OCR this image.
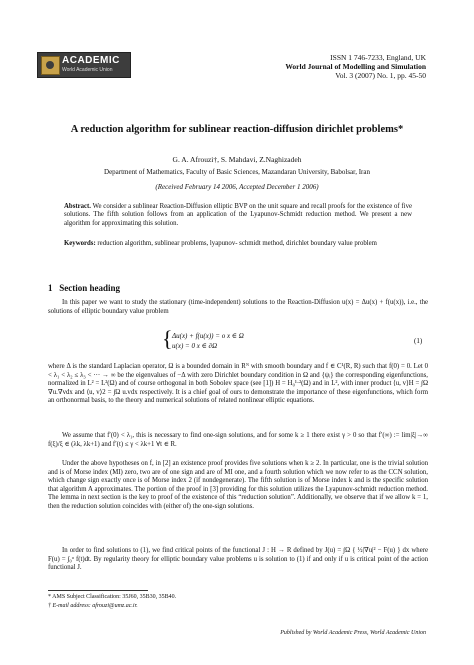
ACADEMIC
World Academic Union
ISSN 1 746-7233, England, UK
World Journal of Modelling and Simulation
Vol. 3 (2007) No. 1, pp. 45-50
A reduction algorithm for sublinear reaction-diffusion dirichlet problems*
G. A. Afrouzi†, S. Mahdavi, Z.Naghizadeh
Department of Mathematics, Faculty of Basic Sciences, Mazandaran University, Babolsar, Iran
(Received February 14 2006, Accepted December 1 2006)
Abstract. We consider a sublinear Reaction-Diffusion elliptic BVP on the unit square and recall proofs for the existence of five solutions. The fifth solution follows from an application of the Lyapunov-Schmidt reduction method. We present a new algorithm for approximating this solution.
Keywords: reduction algorithm, sublinear problems, lyapunov- schmidt method, dirichlet boundary value problem
1 Section heading
In this paper we want to study the stationary (time-independent) solutions to the Reaction-Diffusion u(x) = Δu(x) + f(u(x)), i.e., the solutions of elliptic boundary value problem
{ Δu(x) + f(u(x)) = o x ∈ Ω
u(x) = 0 x ∈ ∂Ω
(1)
where Δ is the standard Laplacian operator, Ω is a bounded domain in Rᴺ with smooth boundary and f ∈ C¹(R, R) such that f(0) = 0. Let 0 < λ₁ < λ₂ ≤ λ₃ < ··· → ∞ be the eigenvalues of −Δ with zero Dirichlet boundary condition in Ω and {ψᵢ} the corresponding eigenfunctions, normalized in L² = L²(Ω) and of course orthogonal in both Sobolev space (see [1]) H = H₀¹·²(Ω) and in L², with inner product ⟨u, v⟩H = ∫Ω ∇u.∇vdx and ⟨u, v⟩2 = ∫Ω u.vdx respectively. It is a chief goal of ours to demonstrate the importance of these eigenfunctions, which form an orthonormal basis, to the theory and numerical solutions of related nonlinear elliptic equations.
We assume that f′(0) < λ₁, this is necessary to find one-sign solutions, and for some k ≥ 1 there exist γ > 0 so that f′(∞) := lim|ξ|→∞ f(ξ)/ξ ∈ (λk, λk+1) and f′(t) ≤ γ < λk+1 ∀t ∈ R.
Under the above hypotheses on f, in [2] an existence proof provides five solutions when k ≥ 2. In particular, one is the trivial solution and is of Morse index (MI) zero, two are of one sign and are of MI one, and a fourth solution which we now refer to as the CCN solution, which change sign exactly once is of Morse index 2 (if nondegenerate). The fifth solution is of Morse index k and is the specific solution that algorithm A approximates. The portion of the proof in [3] providing for this solution utilizes the Lyapunov-schmidt reduction method. The lemma in next section is the key to proof of the existence of this “reduction solution”. Additionally, we observe that if we allow k = 1, then the reduction solution coincides with (either of) the one-sign solutions.
In order to find solutions to (1), we find critical points of the functional J : H → R defined by J(u) = ∫Ω { ½|∇u|² − F(u) } dx where F(u) = ∫₀ᵘ f(t)dt. By regularity theory for elliptic boundary value problems u is solution to (1) if and only if u is critical point of the action functional J.
* AMS Subject Classification: 35J60, 35B30, 35B40.
† E-mail address: afrouzi@umz.ac.ir.
Published by World Academic Press, World Academic Union
